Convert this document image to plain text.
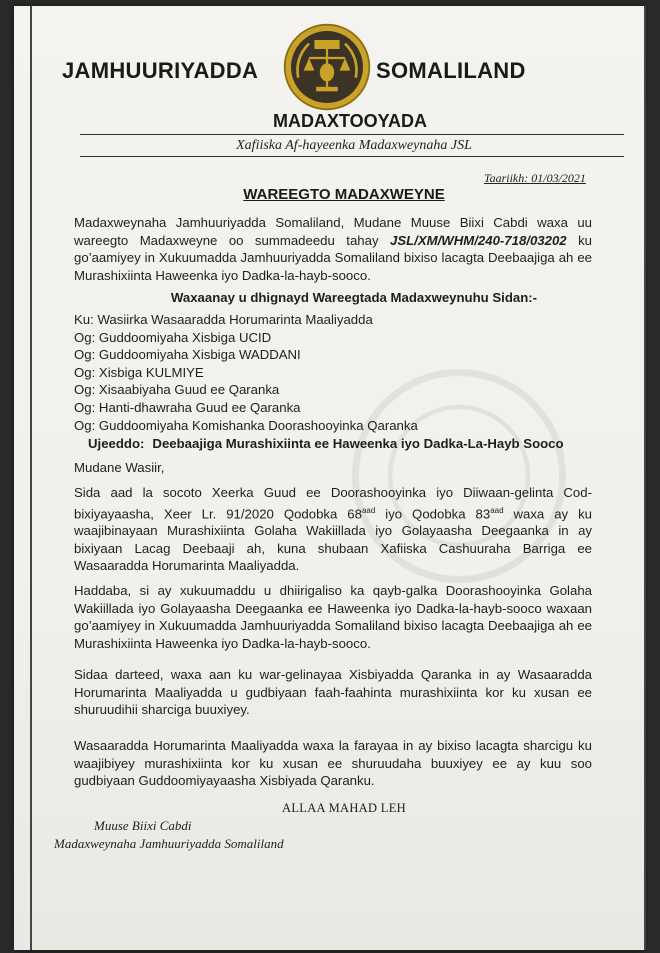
JAMHUURIYADDA	SOMALILAND
MADAXTOOYADA
Xafiiska Af-hayeenka Madaxweynaha JSL
Taariikh: 01/03/2021
WAREEGTO MADAXWEYNE
Madaxweynaha Jamhuuriyadda Somaliland, Mudane Muuse Biixi Cabdi waxa uu wareegto Madaxweyne oo summadeedu tahay JSL/XM/WHM/240-718/03202 ku go’aamiyey in Xukuumadda Jamhuuriyadda Somaliland bixiso lacagta Deebaajiga ah ee Murashixiinta Haweenka iyo Dadka-la-hayb-sooco.
Waxaanay u dhignayd Wareegtada Madaxweynuhu Sidan:-
Ku: Wasiirka Wasaaradda Horumarinta Maaliyadda
Og: Guddoomiyaha Xisbiga UCID
Og: Guddoomiyaha Xisbiga WADDANI
Og: Xisbiga KULMIYE
Og: Xisaabiyaha Guud ee Qaranka
Og: Hanti-dhawraha Guud ee Qaranka
Og: Guddoomiyaha Komishanka Doorashooyinka Qaranka
Ujeeddo: Deebaajiga Murashixiinta ee Haweenka iyo Dadka-La-Hayb Sooco
Mudane Wasiir,
Sida aad la socoto Xeerka Guud ee Doorashooyinka iyo Diiwaan-gelinta Cod-bixiyayaasha, Xeer Lr. 91/2020 Qodobka $68^{aad}$ iyo Qodobka $83^{aad}$ waxa ay ku waajibinayaan Murashixiinta Golaha Wakiillada iyo Golayaasha Deegaanka in ay bixiyaan Lacag Deebaaji ah, kuna shubaan Xafiiska Cashuuraha Barriga ee Wasaaradda Horumarinta Maaliyadda.
Haddaba, si ay xukuumaddu u dhiirigaliso ka qayb-galka Doorashooyinka Golaha Wakiillada iyo Golayaasha Deegaanka ee Haweenka iyo Dadka-la-hayb-sooco waxaan go’aamiyey in Xukuumadda Jamhuuriyadda Somaliland bixiso lacagta Deebaajiga ah ee Murashixiinta Haweenka iyo Dadka-la-hayb-sooco.
Sidaa darteed, waxa aan ku war-gelinayaa Xisbiyadda Qaranka in ay Wasaaradda Horumarinta Maaliyadda u gudbiyaan faah-faahinta murashixiinta kor ku xusan ee shuruudihii sharciga buuxiyey.
Wasaaradda Horumarinta Maaliyadda waxa la farayaa in ay bixiso lacagta sharcigu ku waajibiyey murashixiinta kor ku xusan ee shuruudaha buuxiyey ee ay kuu soo gudbiyaan Guddoomiyayaasha Xisbiyada Qaranku.
ALLAA MAHAD LEH
Muuse Biixi Cabdi
Madaxweynaha Jamhuuriyadda Somaliland
